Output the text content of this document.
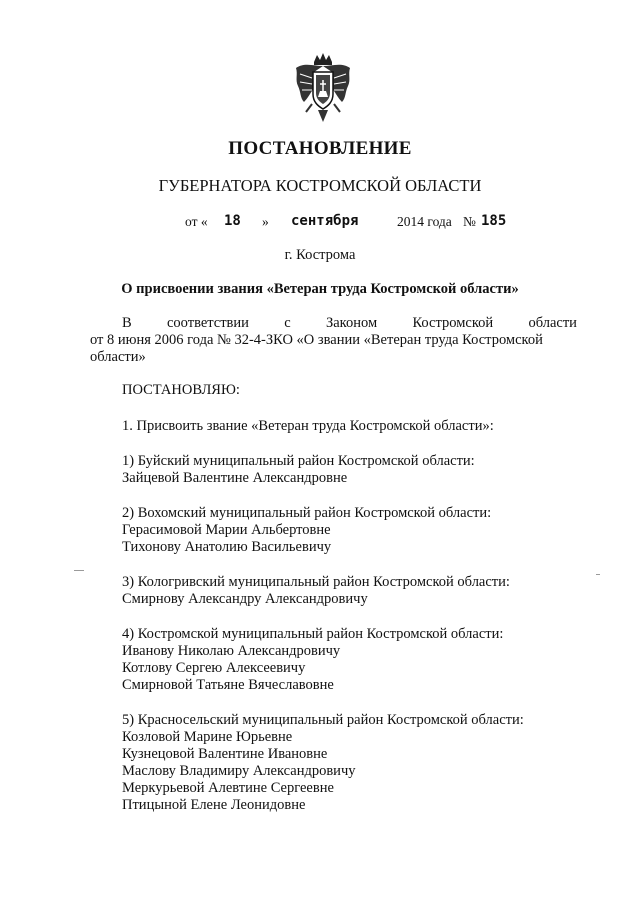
ПОСТАНОВЛЕНИЕ
ГУБЕРНАТОРА КОСТРОМСКОЙ ОБЛАСТИ
от « 18 » сентября	2014 года № 185
г. Кострома
О присвоении звания «Ветеран труда Костромской области»
В соответствии с Законом Костромской области
от 8 июня 2006 года № 32-4-ЗКО «О звании «Ветеран труда Костромской
области»
ПОСТАНОВЛЯЮ:
1. Присвоить звание «Ветеран труда Костромской области»:
1) Буйский муниципальный район Костромской области:
Зайцевой Валентине Александровне
2) Вохомский муниципальный район Костромской области:
Герасимовой Марии Альбертовне
Тихонову Анатолию Васильевичу
3) Кологривский муниципальный район Костромской области:
Смирнову Александру Александровичу
4) Костромской муниципальный район Костромской области:
Иванову Николаю Александровичу
Котлову Сергею Алексеевичу
Смирновой Татьяне Вячеславовне
5) Красносельский муниципальный район Костромской области:
Козловой Марине Юрьевне
Кузнецовой Валентине Ивановне
Маслову Владимиру Александровичу
Меркурьевой Алевтине Сергеевне
Птицыной Елене Леонидовне
